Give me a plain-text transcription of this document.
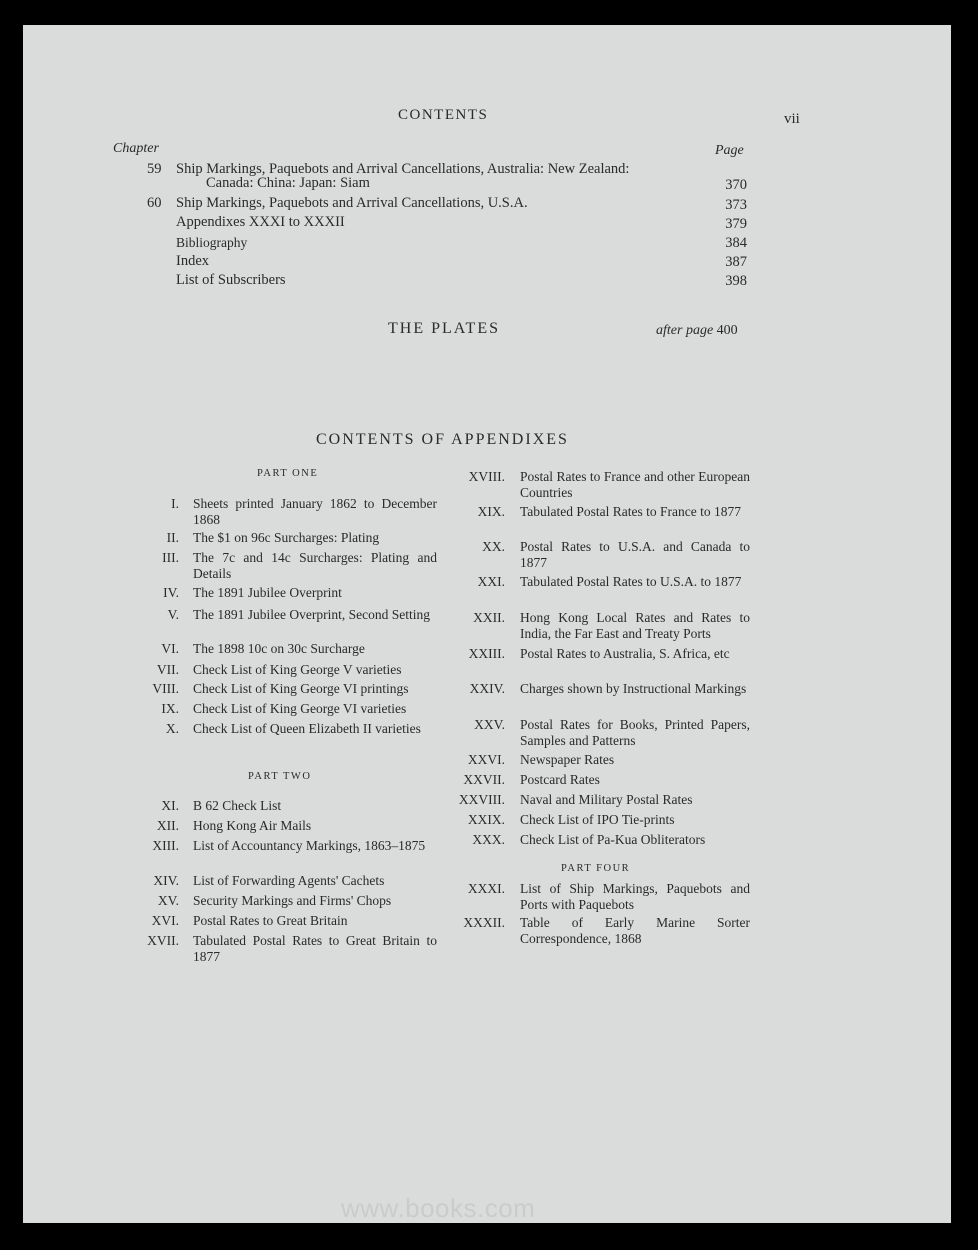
CONTENTS	vii
Chapter	Page
59 Ship Markings, Paquebots and Arrival Cancellations, Australia: New Zealand:
Canada: China: Japan: Siam	370
60 Ship Markings, Paquebots and Arrival Cancellations, U.S.A.	373
Appendixes XXXI to XXXII	379
Bibliography	384
Index	387
List of Subscribers	398
THE PLATES	after page 400
CONTENTS OF APPENDIXES
PART ONE
PART TWO
PART FOUR
I. Sheets printed January 1862 to December 1868
II. The $1 on 96c Surcharges: Plating
III. The 7c and 14c Surcharges: Plating and Details
IV. The 1891 Jubilee Overprint
V. The 1891 Jubilee Overprint, Second Setting
VI. The 1898 10c on 30c Surcharge
VII. Check List of King George V varieties
VIII. Check List of King George VI printings
IX. Check List of King George VI varieties
X. Check List of Queen Elizabeth II varieties
XI. B 62 Check List
XII. Hong Kong Air Mails
XIII. List of Accountancy Markings, 1863–1875
XIV. List of Forwarding Agents' Cachets
XV. Security Markings and Firms' Chops
XVI. Postal Rates to Great Britain
XVII. Tabulated Postal Rates to Great Britain to 1877
XVIII. Postal Rates to France and other European Countries
XIX. Tabulated Postal Rates to France to 1877
XX. Postal Rates to U.S.A. and Canada to 1877
XXI. Tabulated Postal Rates to U.S.A. to 1877
XXII. Hong Kong Local Rates and Rates to India, the Far East and Treaty Ports
XXIII. Postal Rates to Australia, S. Africa, etc
XXIV. Charges shown by Instructional Markings
XXV. Postal Rates for Books, Printed Papers, Samples and Patterns
XXVI. Newspaper Rates
XXVII. Postcard Rates
XXVIII. Naval and Military Postal Rates
XXIX. Check List of IPO Tie-prints
XXX. Check List of Pa-Kua Obliterators
XXXI. List of Ship Markings, Paquebots and Ports with Paquebots
XXXII. Table of Early Marine Sorter Correspondence, 1868
www.books.com
